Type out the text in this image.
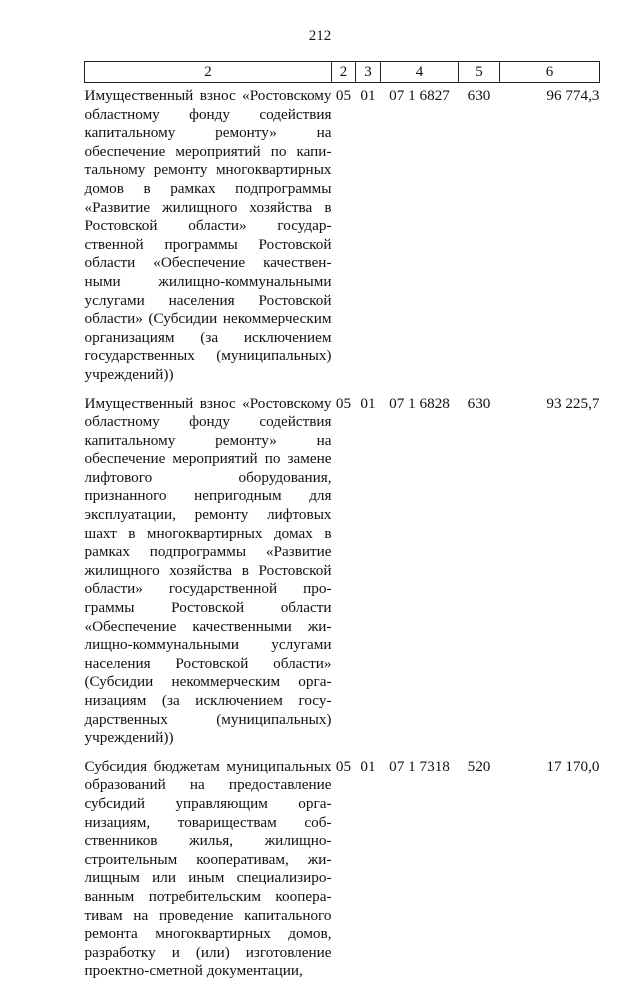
212
2	2	3	4	5	6

Имущественный взнос «Ростовскому областному фонду содействия капитальному ремонту» на обеспечение мероприятий по капитальному ремонту многоквартирных домов в рамках подпрограммы «Развитие жилищного хозяйства в Ростовской области» государственной программы Ростовской области «Обеспечение качественными жилищно-коммунальными услугами населения Ростовской области» (Субсидии некоммерческим организациям (за исключением государственных (муниципальных) учреждений))	05	01	07 1 6827	630	96 774,3

Имущественный взнос «Ростовскому областному фонду содействия капитальному ремонту» на обеспечение мероприятий по замене лифтового оборудования, признанного непригодным для эксплуатации, ремонту лифтовых шахт в многоквартирных домах в рамках подпрограммы «Развитие жилищного хозяйства в Ростовской области» государственной программы Ростовской области «Обеспечение качественными жилищно-коммунальными услугами населения Ростовской области» (Субсидии некоммерческим организациям (за исключением государственных (муниципальных) учреждений))	05	01	07 1 6828	630	93 225,7

Субсидия бюджетам муниципальных образований на предоставление субсидий управляющим организациям, товариществам собственников жилья, жилищно-строительным кооперативам, жилищным или иным специализированным потребительским кооперативам на проведение капитального ремонта многоквартирных домов, разработку и (или) изготовление проектно-сметной документации,	05	01	07 1 7318	520	17 170,0
